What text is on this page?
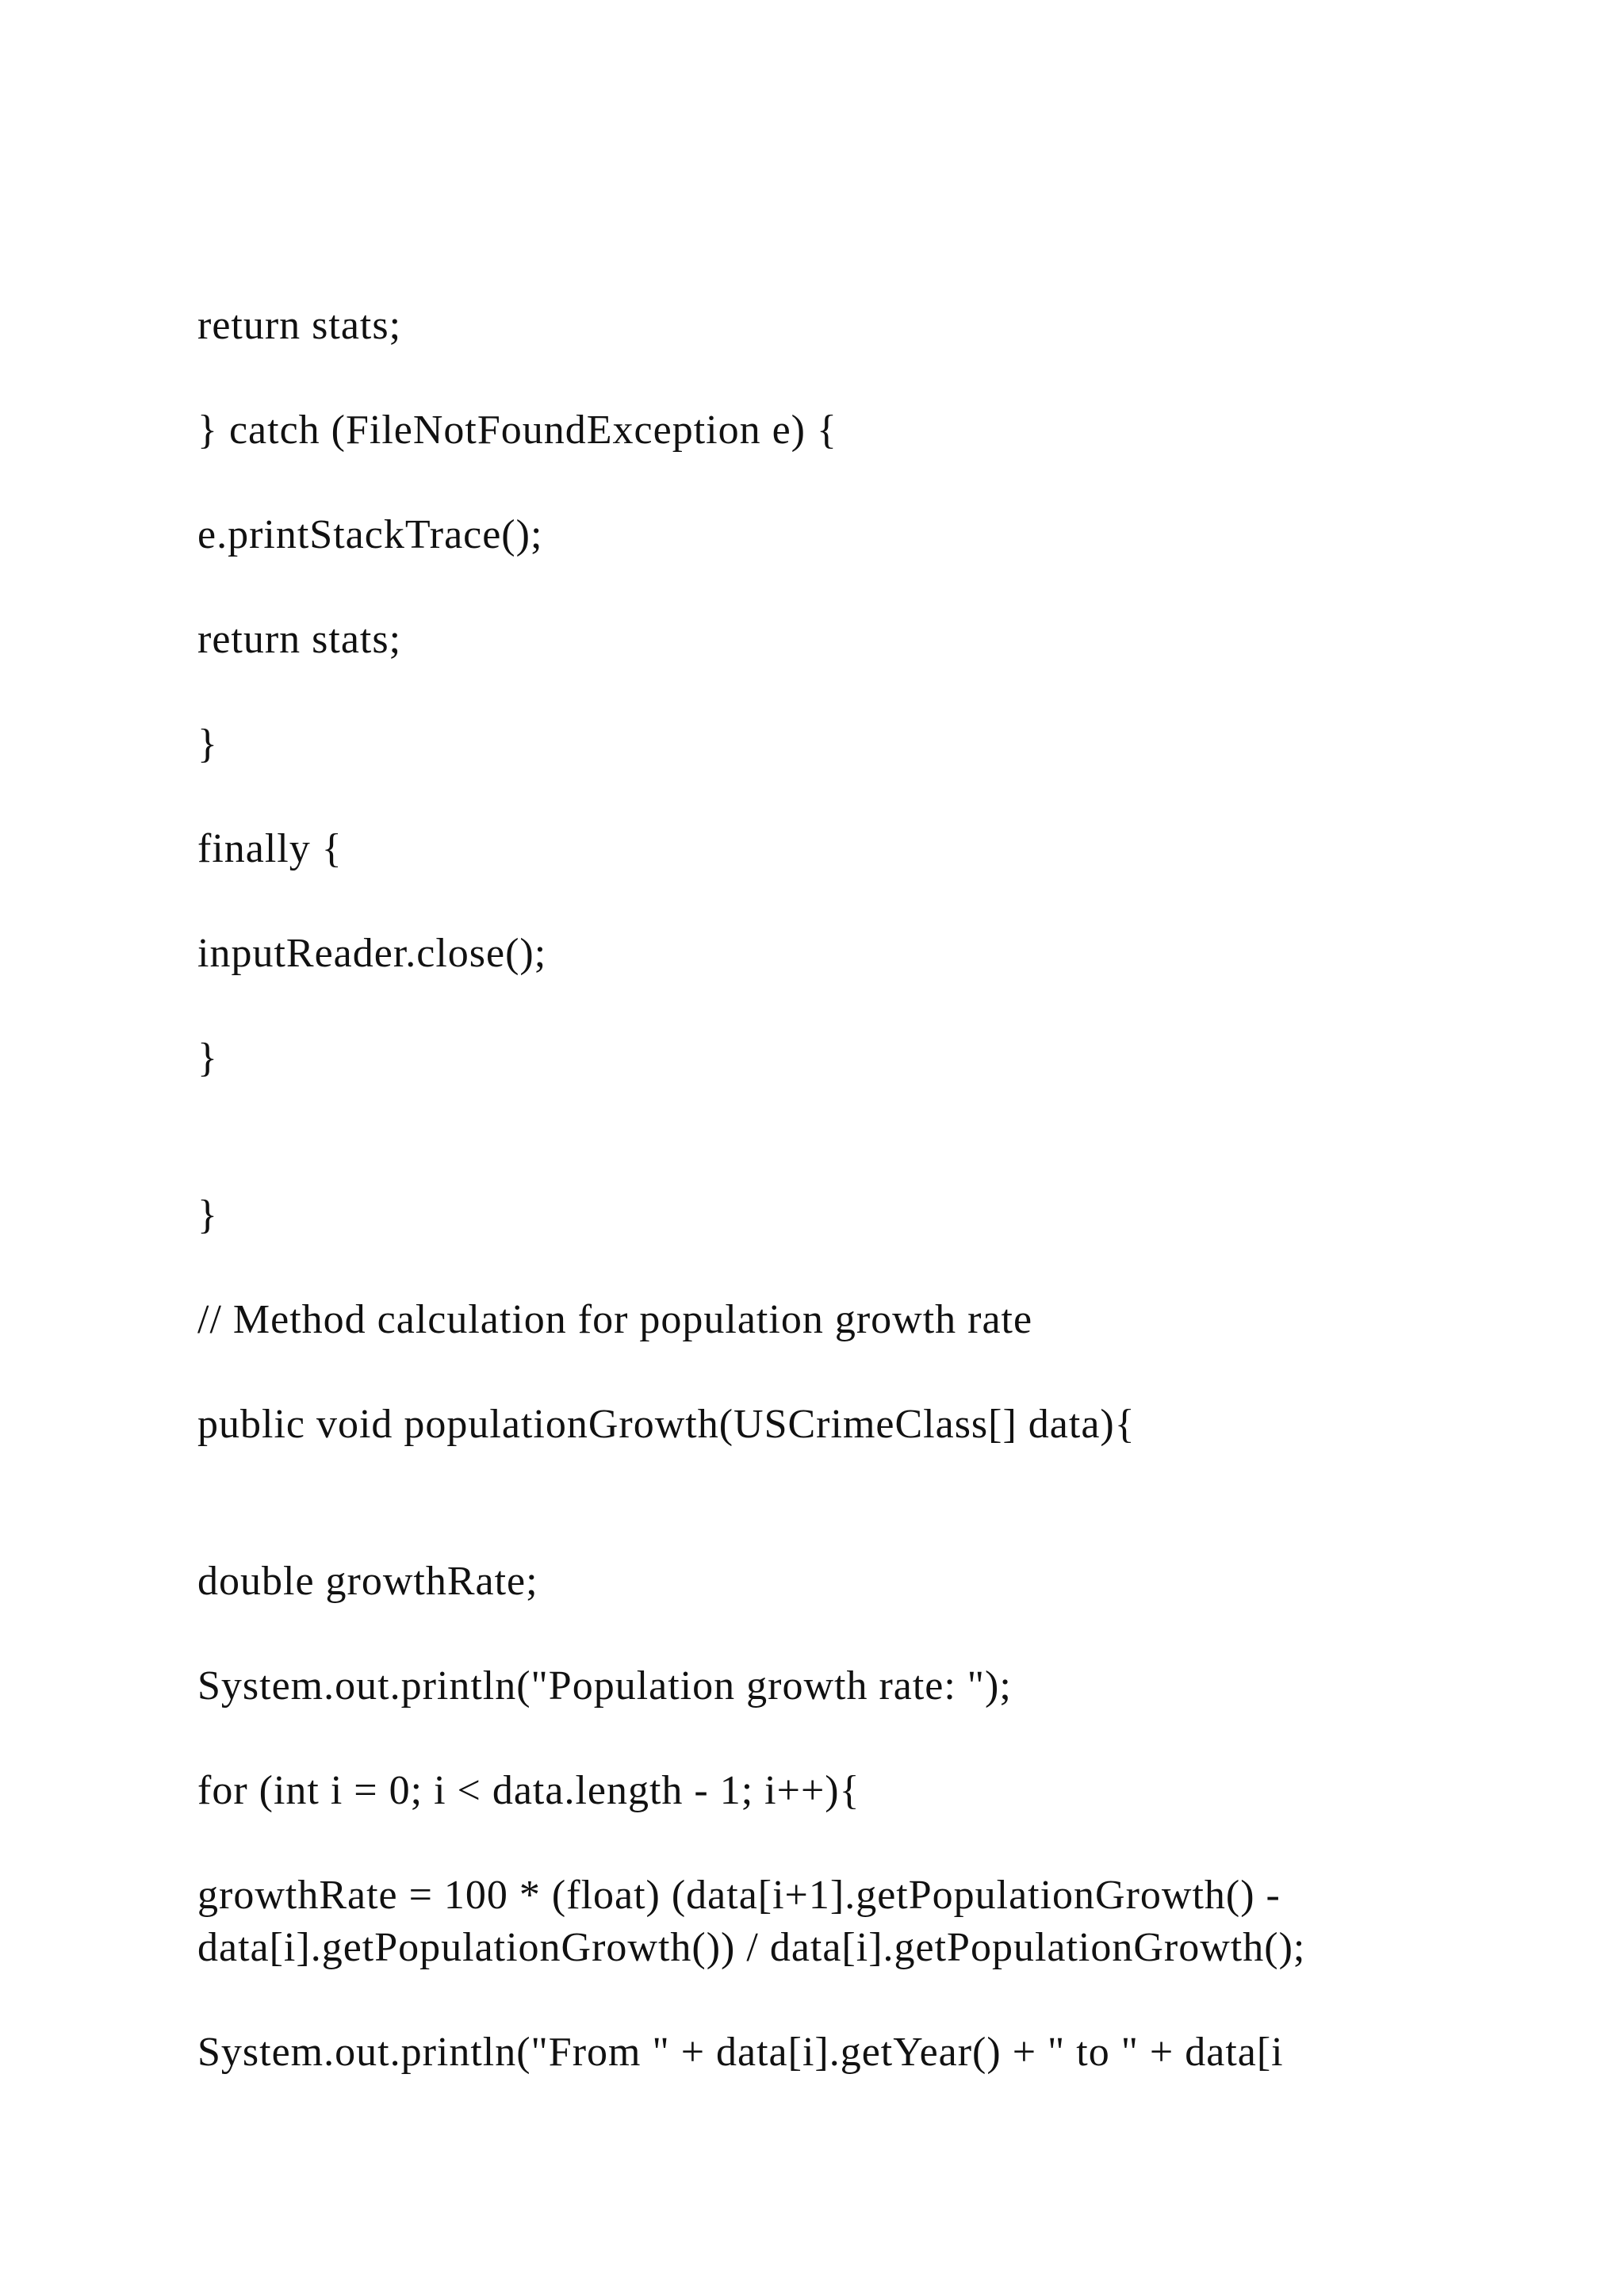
return stats;
} catch (FileNotFoundException e) {
e.printStackTrace();
return stats;
}
finally {
inputReader.close();
}
}
// Method calculation for population growth rate
public void populationGrowth(USCrimeClass[] data){
double growthRate;
System.out.println("Population growth rate: ");
for (int i = 0; i < data.length - 1; i++){
growthRate = 100 * (float) (data[i+1].getPopulationGrowth() -
data[i].getPopulationGrowth()) / data[i].getPopulationGrowth();
System.out.println("From " + data[i].getYear() + " to " + data[i
